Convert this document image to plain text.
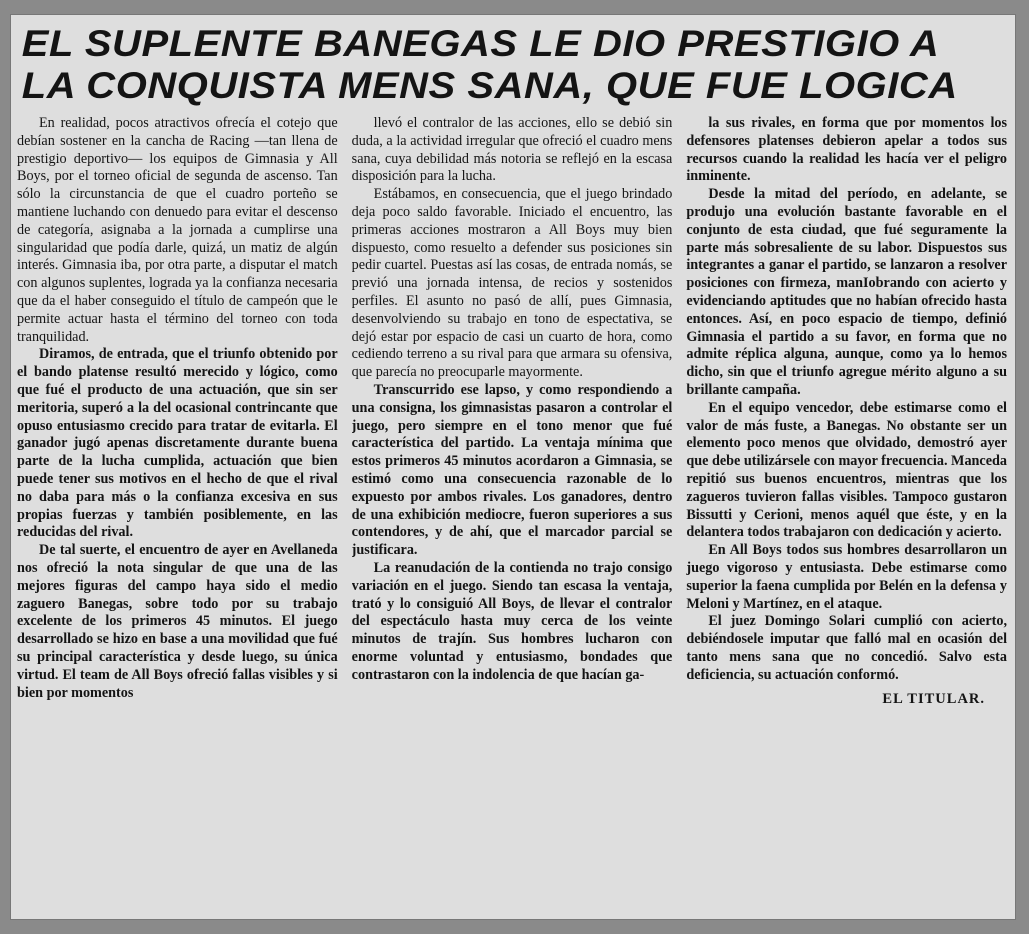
EL SUPLENTE BANEGAS LE DIO PRESTIGIO A
LA CONQUISTA MENS SANA, QUE FUE LOGICA

En realidad, pocos atractivos ofrecía el cotejo que debían sostener en la cancha de Racing —tan llena de prestigio deportivo— los equipos de Gimnasia y All Boys, por el torneo oficial de segunda de ascenso. Tan sólo la circunstancia de que el cuadro porteño se mantiene luchando con denuedo para evitar el descenso de categoría, asignaba a la jornada a cumplirse una singularidad que podía darle, quizá, un matiz de algún interés. Gimnasia iba, por otra parte, a disputar el match con algunos suplentes, lograda ya la confianza necesaria que da el haber conseguido el título de campeón que le permite actuar hasta el término del torneo con toda tranquilidad.

Diramos, de entrada, que el triunfo obtenido por el bando platense resultó merecido y lógico, como que fué el producto de una actuación, que sin ser meritoria, superó a la del ocasional contrincante que opuso entusiasmo crecido para tratar de evitarla. El ganador jugó apenas discretamente durante buena parte de la lucha cumplida, actuación que bien puede tener sus motivos en el hecho de que el rival no daba para más o la confianza excesiva en sus propias fuerzas y también posiblemente, en las reducidas del rival.

De tal suerte, el encuentro de ayer en Avellaneda nos ofreció la nota singular de que una de las mejores figuras del campo haya sido el medio zaguero Banegas, sobre todo por su trabajo excelente de los primeros 45 minutos. El juego desarrollado se hizo en base a una movilidad que fué su principal característica y desde luego, su única virtud. El team de All Boys ofreció fallas visibles y si bien por momentos

llevó el contralor de las acciones, ello se debió sin duda, a la actividad irregular que ofreció el cuadro mens sana, cuya debilidad más notoria se reflejó en la escasa disposición para la lucha.

Estábamos, en consecuencia, que el juego brindado deja poco saldo favorable. Iniciado el encuentro, las primeras acciones mostraron a All Boys muy bien dispuesto, como resuelto a defender sus posiciones sin pedir cuartel. Puestas así las cosas, de entrada nomás, se previó una jornada intensa, de recios y sostenidos perfiles. El asunto no pasó de allí, pues Gimnasia, desenvolviendo su trabajo en tono de espectativa, se dejó estar por espacio de casi un cuarto de hora, como cediendo terreno a su rival para que armara su ofensiva, que parecía no preocuparle mayormente.

Transcurrido ese lapso, y como respondiendo a una consigna, los gimnasistas pasaron a controlar el juego, pero siempre en el tono menor que fué característica del partido. La ventaja mínima que estos primeros 45 minutos acordaron a Gimnasia, se estimó como una consecuencia razonable de lo expuesto por ambos rivales. Los ganadores, dentro de una exhibición mediocre, fueron superiores a sus contendores, y de ahí, que el marcador parcial se justificara.

La reanudación de la contienda no trajo consigo variación en el juego. Siendo tan escasa la ventaja, trató y lo consiguió All Boys, de llevar el contralor del espectáculo hasta muy cerca de los veinte minutos de trajín. Sus hombres lucharon con enorme voluntad y entusiasmo, bondades que contrastaron con la indolencia de que hacían ga-

la sus rivales, en forma que por momentos los defensores platenses debieron apelar a todos sus recursos cuando la realidad les hacía ver el peligro inminente.

Desde la mitad del período, en adelante, se produjo una evolución bastante favorable en el conjunto de esta ciudad, que fué seguramente la parte más sobresaliente de su labor. Dispuestos sus integrantes a ganar el partido, se lanzaron a resolver posiciones con firmeza, manIobrando con acierto y evidenciando aptitudes que no habían ofrecido hasta entonces. Así, en poco espacio de tiempo, definió Gimnasia el partido a su favor, en forma que no admite réplica alguna, aunque, como ya lo hemos dicho, sin que el triunfo agregue mérito alguno a su brillante campaña.

En el equipo vencedor, debe estimarse como el valor de más fuste, a Banegas. No obstante ser un elemento poco menos que olvidado, demostró ayer que debe utilizársele con mayor frecuencia. Manceda repitió sus buenos encuentros, mientras que los zagueros tuvieron fallas visibles. Tampoco gustaron Bissutti y Cerioni, menos aquél que éste, y en la delantera todos trabajaron con dedicación y acierto.

En All Boys todos sus hombres desarrollaron un juego vigoroso y entusiasta. Debe estimarse como superior la faena cumplida por Belén en la defensa y Meloni y Martínez, en el ataque.

El juez Domingo Solari cumplió con acierto, debiéndosele imputar que falló mal en ocasión del tanto mens sana que no concedió. Salvo esta deficiencia, su actuación conformó.

EL TITULAR.
